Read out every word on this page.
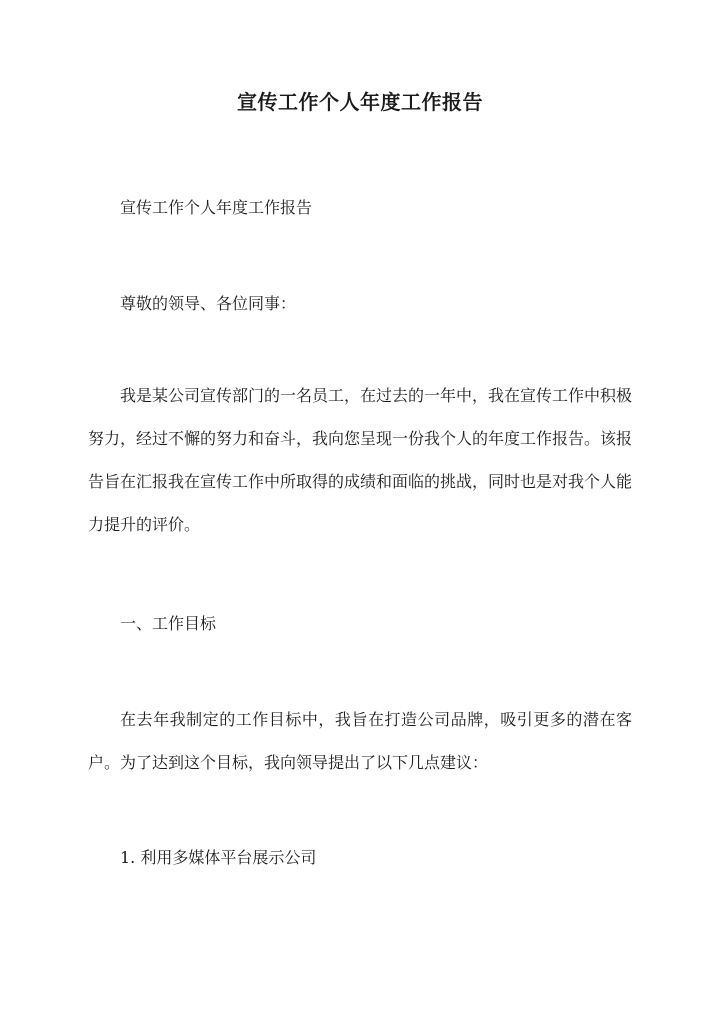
宣传工作个人年度工作报告
宣传工作个人年度工作报告
尊敬的领导、各位同事：
我是某公司宣传部门的一名员工，在过去的一年中，我在宣传工作中积极努力，经过不懈的努力和奋斗，我向您呈现一份我个人的年度工作报告。该报告旨在汇报我在宣传工作中所取得的成绩和面临的挑战，同时也是对我个人能力提升的评价。
一、工作目标
在去年我制定的工作目标中，我旨在打造公司品牌，吸引更多的潜在客户。为了达到这个目标，我向领导提出了以下几点建议：
1. 利用多媒体平台展示公司
